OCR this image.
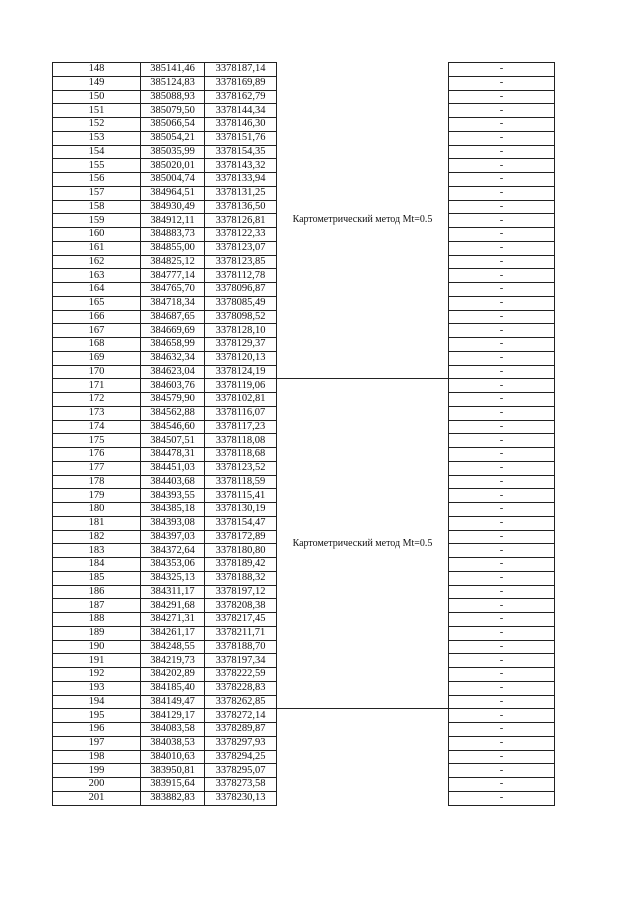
148	385141,46	3378187,14	Картометрический метод Mt=0.5	-
149	385124,83	3378169,89		-
150	385088,93	3378162,79		-
151	385079,50	3378144,34		-
152	385066,54	3378146,30		-
153	385054,21	3378151,76		-
154	385035,99	3378154,35		-
155	385020,01	3378143,32		-
156	385004,74	3378133,94		-
157	384964,51	3378131,25		-
158	384930,49	3378136,50		-
159	384912,11	3378126,81		-
160	384883,73	3378122,33		-
161	384855,00	3378123,07		-
162	384825,12	3378123,85		-
163	384777,14	3378112,78		-
164	384765,70	3378096,87		-
165	384718,34	3378085,49		-
166	384687,65	3378098,52		-
167	384669,69	3378128,10		-
168	384658,99	3378129,37		-
169	384632,34	3378120,13		-
170	384623,04	3378124,19		-
171	384603,76	3378119,06	Картометрический метод Mt=0.5	-
172	384579,90	3378102,81		-
173	384562,88	3378116,07		-
174	384546,60	3378117,23		-
175	384507,51	3378118,08		-
176	384478,31	3378118,68		-
177	384451,03	3378123,52		-
178	384403,68	3378118,59		-
179	384393,55	3378115,41		-
180	384385,18	3378130,19		-
181	384393,08	3378154,47		-
182	384397,03	3378172,89		-
183	384372,64	3378180,80		-
184	384353,06	3378189,42		-
185	384325,13	3378188,32		-
186	384311,17	3378197,12		-
187	384291,68	3378208,38		-
188	384271,31	3378217,45		-
189	384261,17	3378211,71		-
190	384248,55	3378188,70		-
191	384219,73	3378197,34		-
192	384202,89	3378222,59		-
193	384185,40	3378228,83		-
194	384149,47	3378262,85		-
195	384129,17	3378272,14		-
196	384083,58	3378289,87		-
197	384038,53	3378297,93		-
198	384010,63	3378294,25		-
199	383950,81	3378295,07		-
200	383915,64	3378273,58		-
201	383882,83	3378230,13		-
